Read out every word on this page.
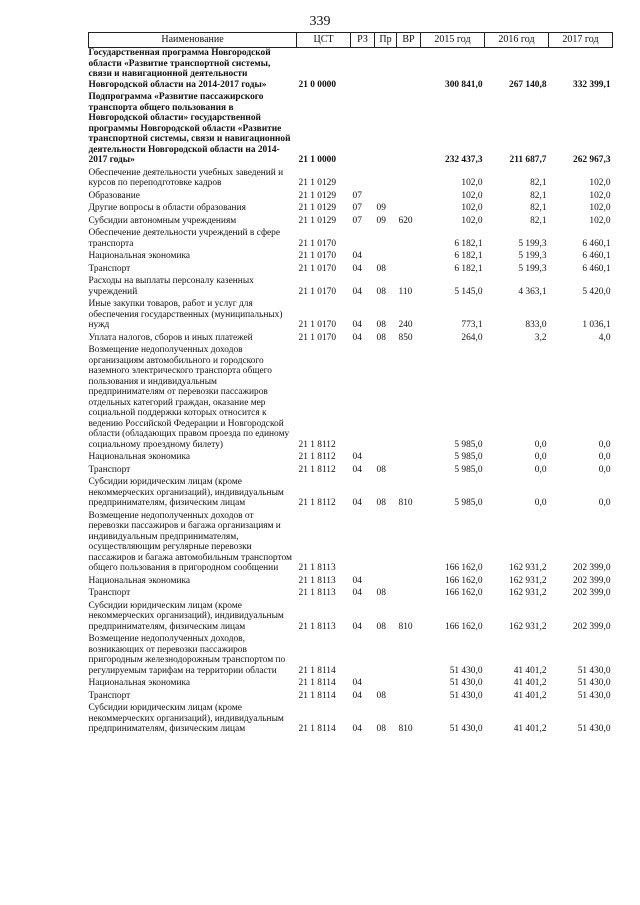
339
Наименование	ЦСТ	РЗ	Пр	ВР	2015 год	2016 год	2017 год
Государственная программа Новгородской области «Развитие транспортной системы, связи и навигационной деятельности Новгородской области на 2014-2017 годы»	21 0 0000				300 841,0	267 140,8	332 399,1
Подпрограмма «Развитие пассажирского транспорта общего пользования в Новгородской области» государственной программы Новгородской области «Развитие транспортной системы, связи и навигационной деятельности Новгородской области на 2014-2017 годы»	21 1 0000				232 437,3	211 687,7	262 967,3
Обеспечение деятельности учебных заведений и курсов по переподготовке кадров	21 1 0129				102,0	82,1	102,0
Образование	21 1 0129	07			102,0	82,1	102,0
Другие вопросы в области образования	21 1 0129	07	09		102,0	82,1	102,0
Субсидии автономным учреждениям	21 1 0129	07	09	620	102,0	82,1	102,0
Обеспечение деятельности учреждений в сфере транспорта	21 1 0170				6 182,1	5 199,3	6 460,1
Национальная экономика	21 1 0170	04			6 182,1	5 199,3	6 460,1
Транспорт	21 1 0170	04	08		6 182,1	5 199,3	6 460,1
Расходы на выплаты персоналу казенных учреждений	21 1 0170	04	08	110	5 145,0	4 363,1	5 420,0
Иные закупки товаров, работ и услуг для обеспечения государственных (муниципальных) нужд	21 1 0170	04	08	240	773,1	833,0	1 036,1
Уплата налогов, сборов и иных платежей	21 1 0170	04	08	850	264,0	3,2	4,0
Возмещение недополученных доходов организациям автомобильного и городского наземного электрического транспорта общего пользования и индивидуальным предпринимателям от перевозки пассажиров отдельных категорий граждан, оказание мер социальной поддержки которых относится к ведению Российской Федерации и Новгородской области (обладающих правом проезда по единому социальному проездному билету)	21 1 8112				5 985,0	0,0	0,0
Национальная экономика	21 1 8112	04			5 985,0	0,0	0,0
Транспорт	21 1 8112	04	08		5 985,0	0,0	0,0
Субсидии юридическим лицам (кроме некоммерческих организаций), индивидуальным предпринимателям, физическим лицам	21 1 8112	04	08	810	5 985,0	0,0	0,0
Возмещение недополученных доходов от перевозки пассажиров и багажа организациям и индивидуальным предпринимателям, осуществляющим регулярные перевозки пассажиров и багажа автомобильным транспортом общего пользования в пригородном сообщении	21 1 8113				166 162,0	162 931,2	202 399,0
Национальная экономика	21 1 8113	04			166 162,0	162 931,2	202 399,0
Транспорт	21 1 8113	04	08		166 162,0	162 931,2	202 399,0
Субсидии юридическим лицам (кроме некоммерческих организаций), индивидуальным предпринимателям, физическим лицам	21 1 8113	04	08	810	166 162,0	162 931,2	202 399,0
Возмещение недополученных доходов, возникающих от перевозки пассажиров пригородным железнодорожным транспортом по регулируемым тарифам на территории области	21 1 8114				51 430,0	41 401,2	51 430,0
Национальная экономика	21 1 8114	04			51 430,0	41 401,2	51 430,0
Транспорт	21 1 8114	04	08		51 430,0	41 401,2	51 430,0
Субсидии юридическим лицам (кроме некоммерческих организаций), индивидуальным предпринимателям, физическим лицам	21 1 8114	04	08	810	51 430,0	41 401,2	51 430,0
